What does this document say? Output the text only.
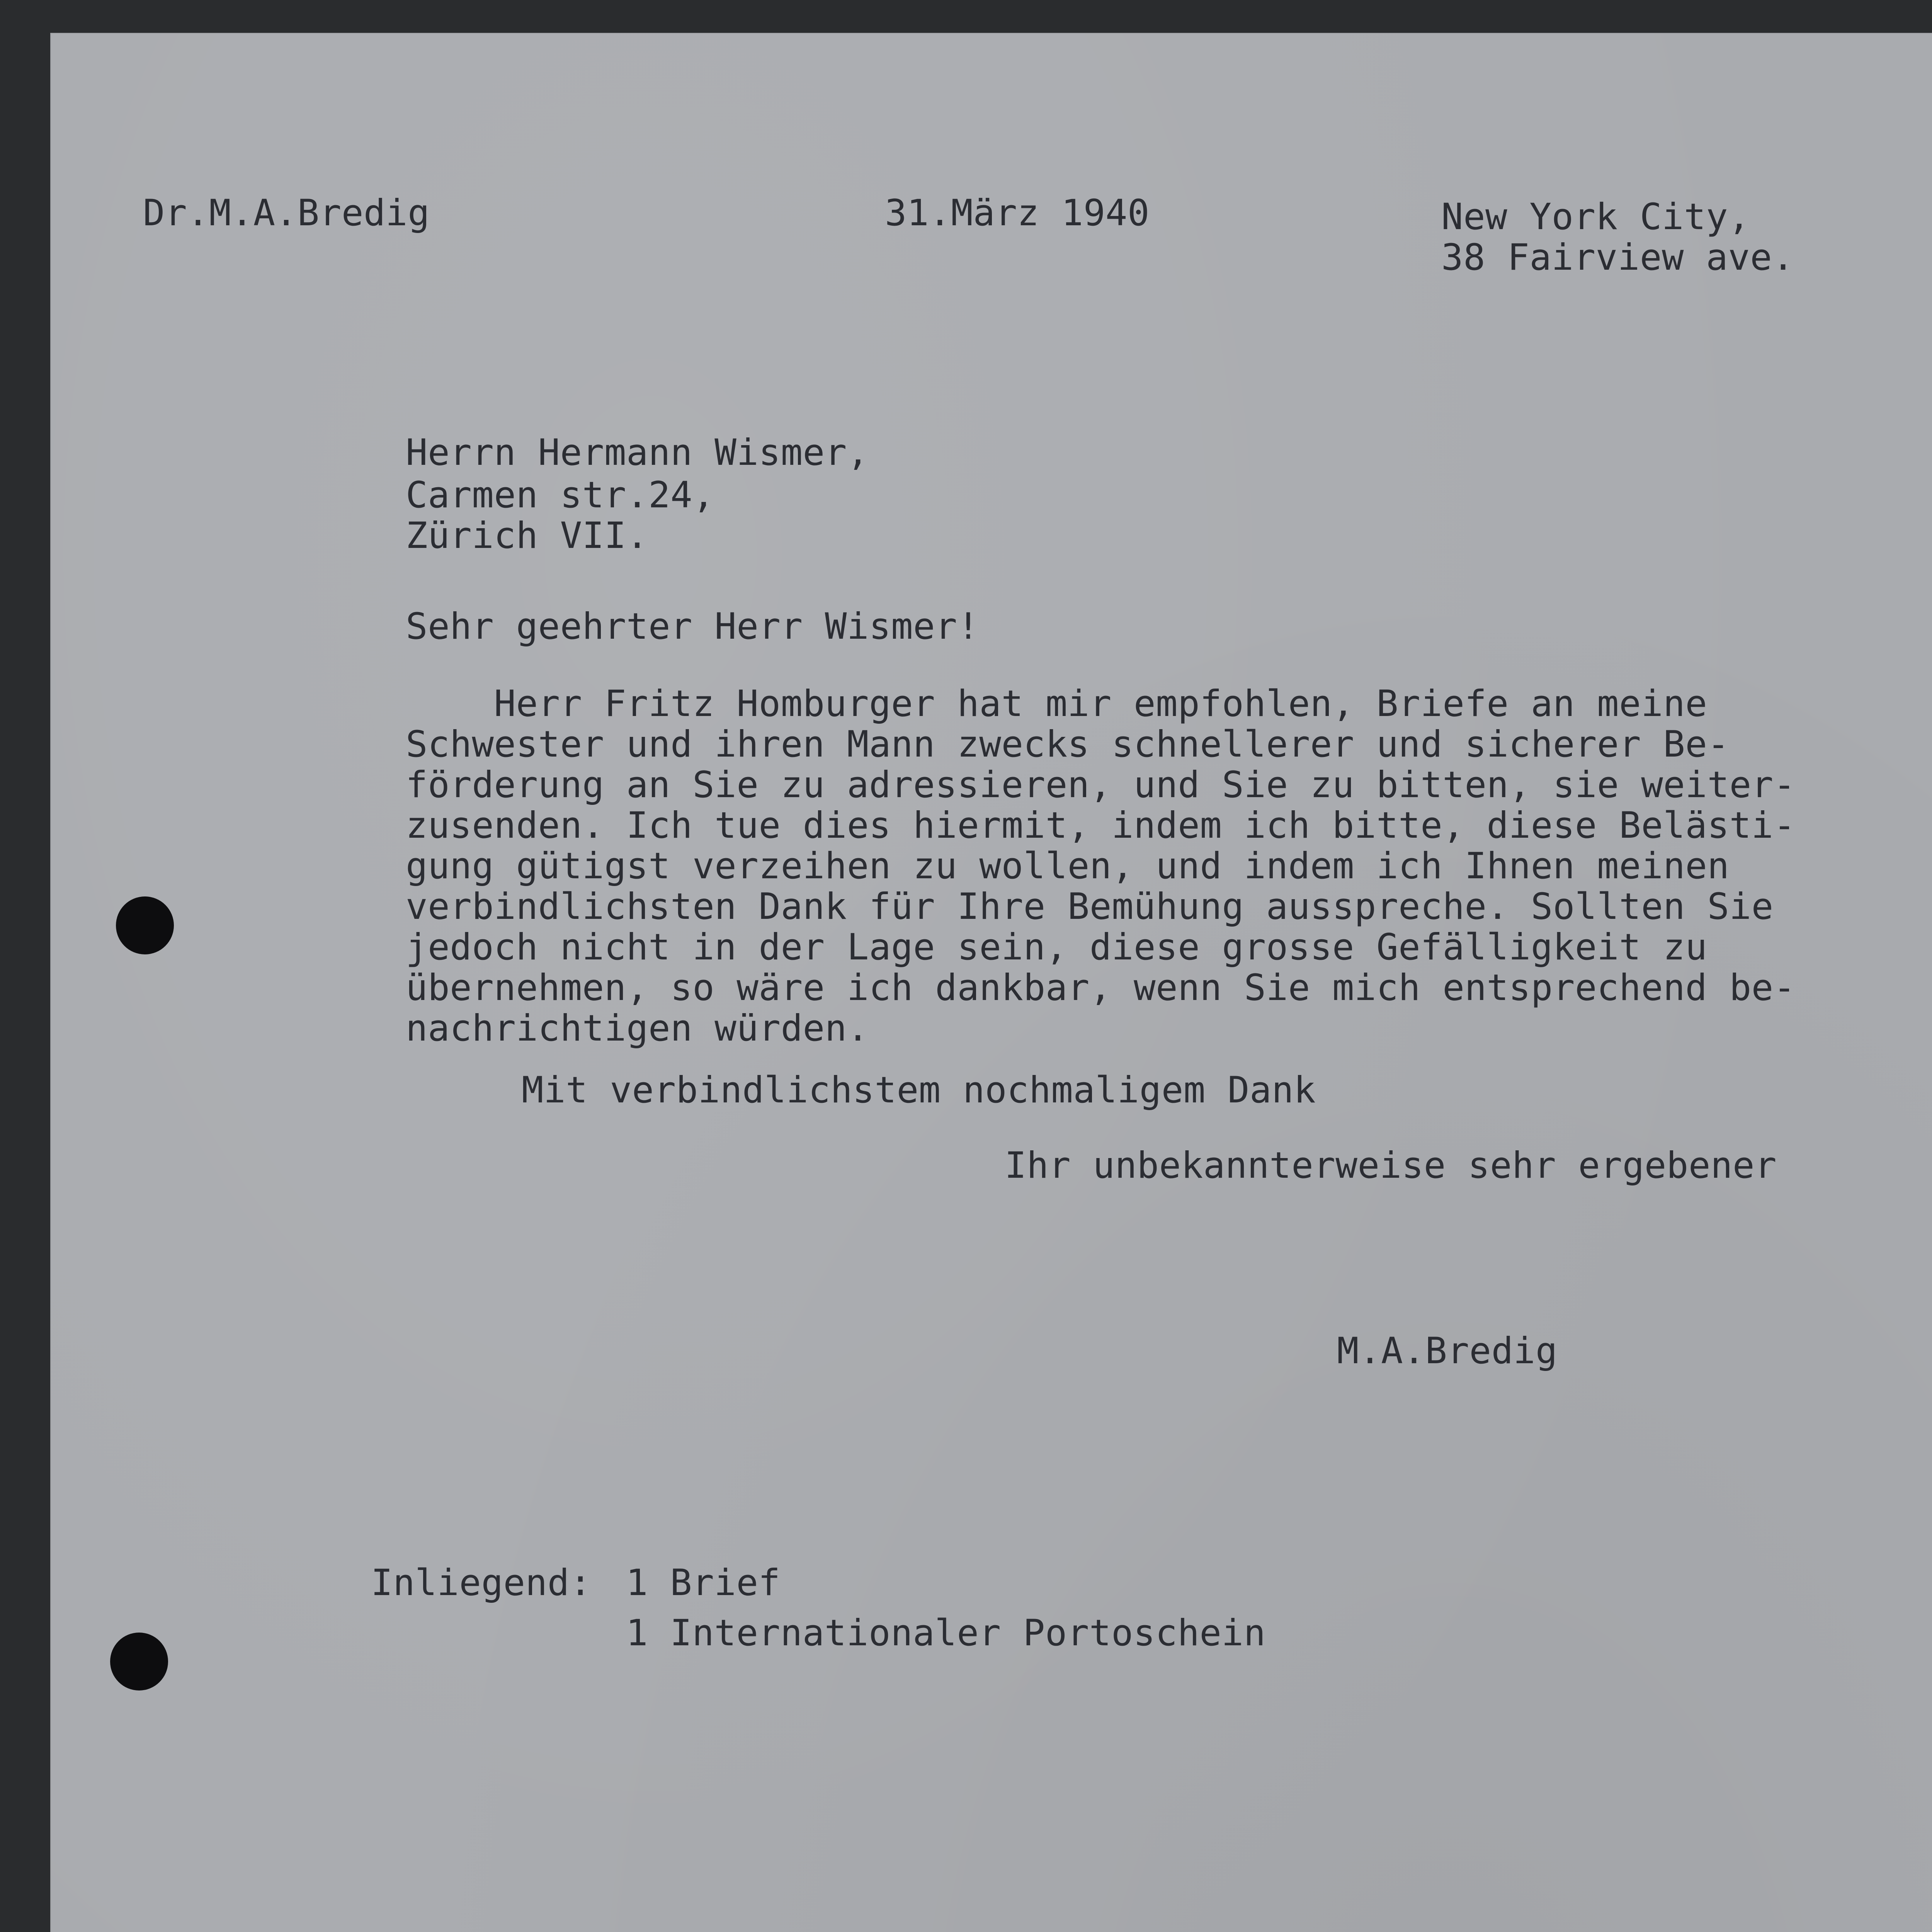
Dr.M.A.Bredig	31.März 1940	New York City,
38 Fairview ave.
Herrn Hermann Wismer,
Carmen str.24,
Zürich VII.
Sehr geehrter Herr Wismer!
Herr Fritz Homburger hat mir empfohlen, Briefe an meine
Schwester und ihren Mann zwecks schnellerer und sicherer Be-
förderung an Sie zu adressieren, und Sie zu bitten, sie weiter-
zusenden. Ich tue dies hiermit, indem ich bitte, diese Belästi-
gung gütigst verzeihen zu wollen, und indem ich Ihnen meinen
verbindlichsten Dank für Ihre Bemühung ausspreche. Sollten Sie
jedoch nicht in der Lage sein, diese grosse Gefälligkeit zu
übernehmen, so wäre ich dankbar, wenn Sie mich entsprechend be-
nachrichtigen würden.
Mit verbindlichstem nochmaligem Dank
Ihr unbekannterweise sehr ergebener
M.A.Bredig
Inliegend: 1 Brief
1 Internationaler Portoschein
